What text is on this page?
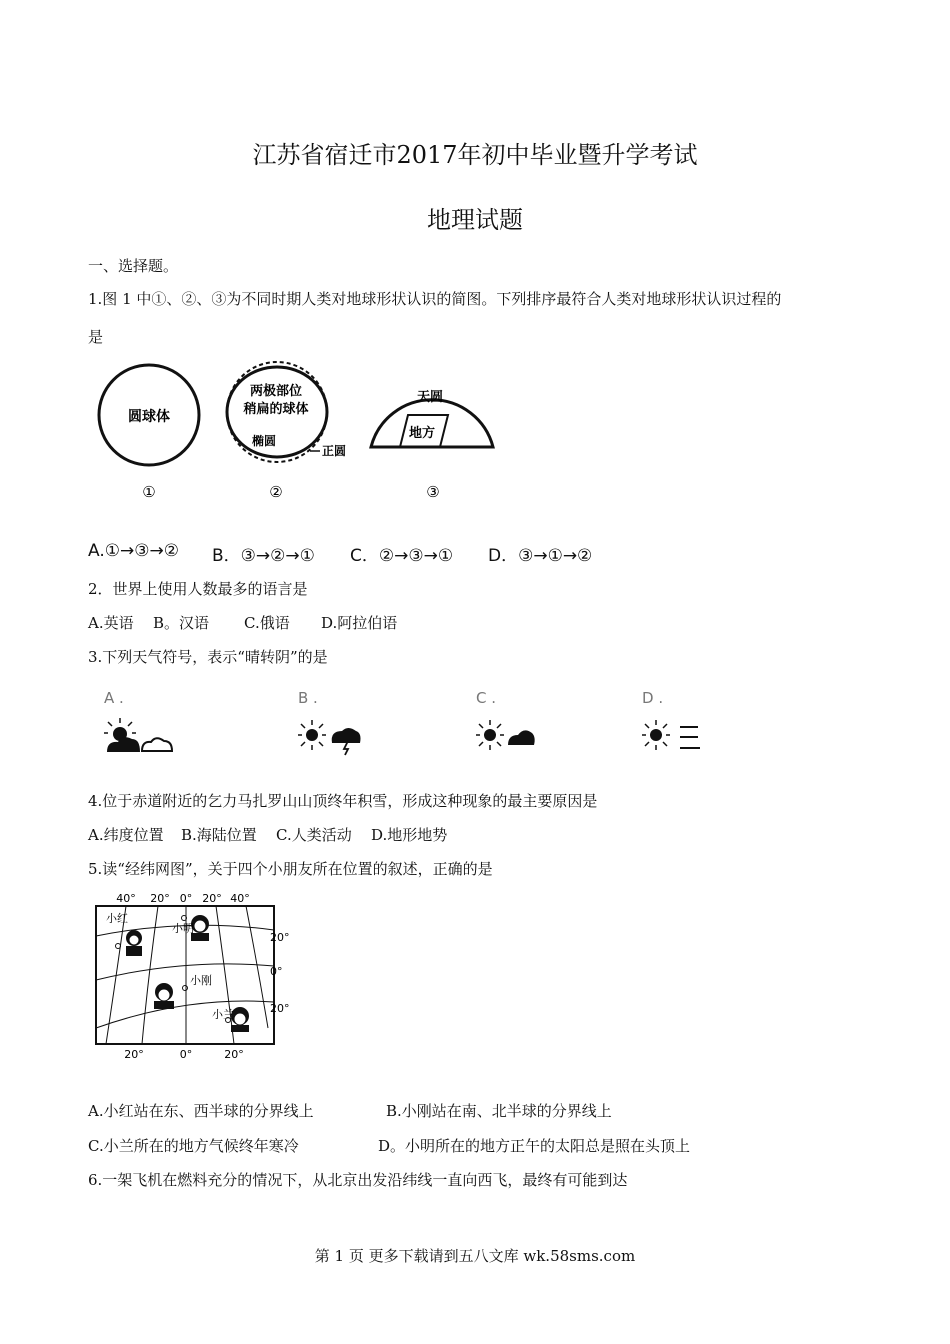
江苏省宿迁市2017年初中毕业暨升学考试
地理试题
一、选择题。
1.图 1 中①、②、③为不同时期人类对地球形状认识的简图。下列排序最符合人类对地球形状认识过程的
是
圆球体
①
两极部位
稍扁的球体
椭圆
正圆
②
天圆
地方
③
A.①→③→② B．③→②→① C．②→③→① D．③→①→②
2．世界上使用人数最多的语言是
A.英语 B。汉语 C.俄语 D.阿拉伯语
3.下列天气符号，表示“晴转阴”的是
A .	B .	C .	D .
4.位于赤道附近的乞力马扎罗山山顶终年积雪，形成这种现象的最主要原因是
A.纬度位置 B.海陆位置 C.人类活动 D.地形地势
5.读“经纬网图”，关于四个小朋友所在位置的叙述，正确的是
40° 20° 0° 20° 40°
20°
0°
20°
20°	0°	20°
小红
小明
小刚
小兰
A.小红站在东、西半球的分界线上	B.小刚站在南、北半球的分界线上
C.小兰所在的地方气候终年寒冷	D。小明所在的地方正午的太阳总是照在头顶上
6.一架飞机在燃料充分的情况下，从北京出发沿纬线一直向西飞，最终有可能到达
第 1 页 更多下载请到五八文库 wk.58sms.com
